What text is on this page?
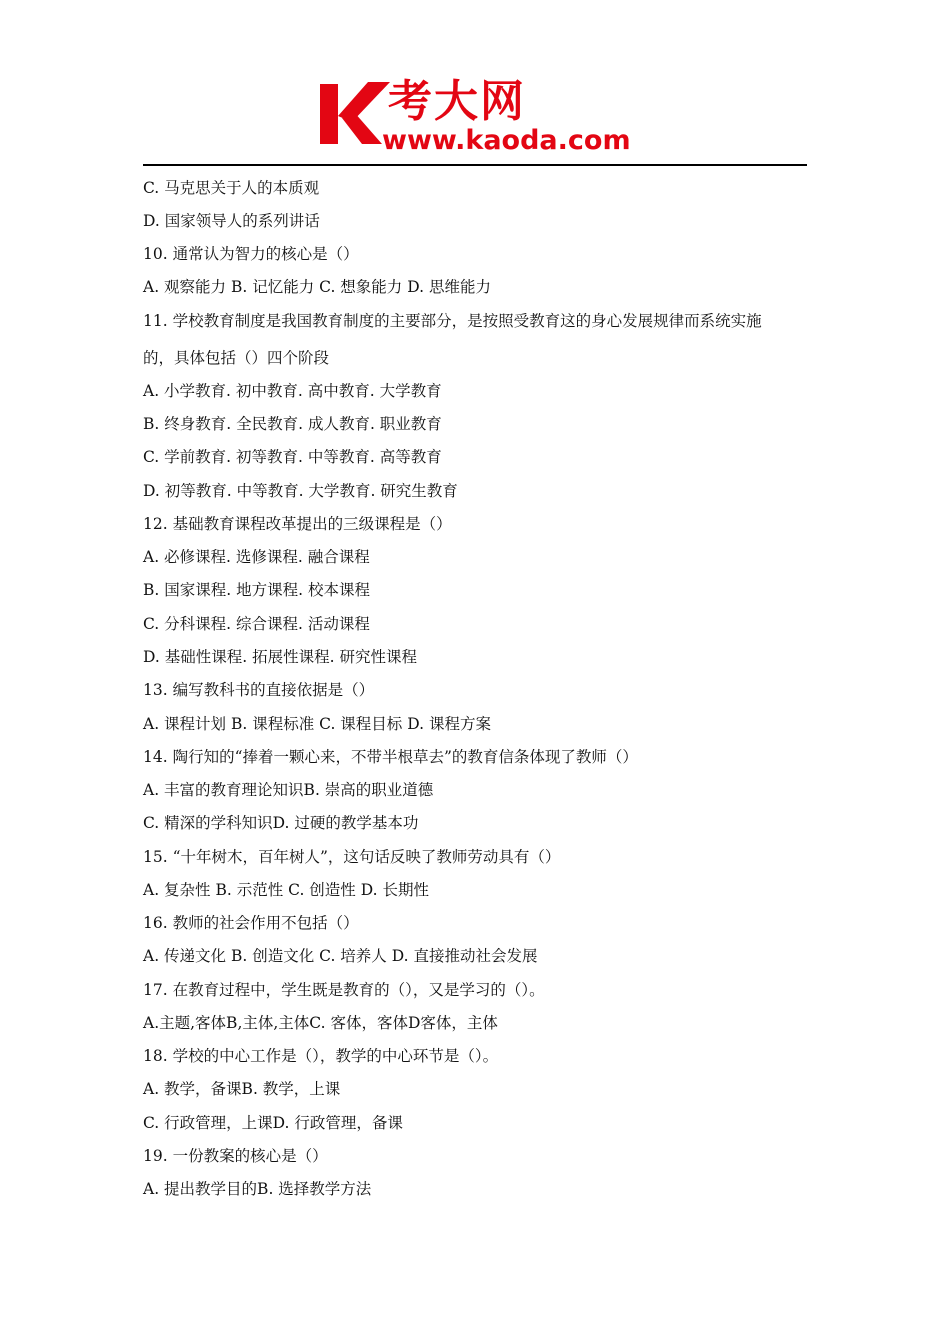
考大网
www.kaoda.com
C. 马克思关于人的本质观
D. 国家领导人的系列讲话
10. 通常认为智力的核心是（）
A. 观察能力 B. 记忆能力 C. 想象能力 D. 思维能力
11. 学校教育制度是我国教育制度的主要部分，是按照受教育这的身心发展规律而系统实施
的，具体包括（）四个阶段
A. 小学教育. 初中教育. 高中教育. 大学教育
B. 终身教育. 全民教育. 成人教育. 职业教育
C. 学前教育. 初等教育. 中等教育. 高等教育
D. 初等教育. 中等教育. 大学教育. 研究生教育
12. 基础教育课程改革提出的三级课程是（）
A. 必修课程. 选修课程. 融合课程
B. 国家课程. 地方课程. 校本课程
C. 分科课程. 综合课程. 活动课程
D. 基础性课程. 拓展性课程. 研究性课程
13. 编写教科书的直接依据是（）
A. 课程计划 B. 课程标准 C. 课程目标 D. 课程方案
14. 陶行知的“捧着一颗心来，不带半根草去”的教育信条体现了教师（）
A. 丰富的教育理论知识B. 崇高的职业道德
C. 精深的学科知识D. 过硬的教学基本功
15. “十年树木，百年树人”，这句话反映了教师劳动具有（）
A. 复杂性 B. 示范性 C. 创造性 D. 长期性
16. 教师的社会作用不包括（）
A. 传递文化 B. 创造文化 C. 培养人 D. 直接推动社会发展
17. 在教育过程中，学生既是教育的（），又是学习的（）。
A.主题,客体B,主体,主体C. 客体，客体D客体，主体
18. 学校的中心工作是（），教学的中心环节是（）。
A. 教学，备课B. 教学，上课
C. 行政管理，上课D. 行政管理，备课
19. 一份教案的核心是（）
A. 提出教学目的B. 选择教学方法
